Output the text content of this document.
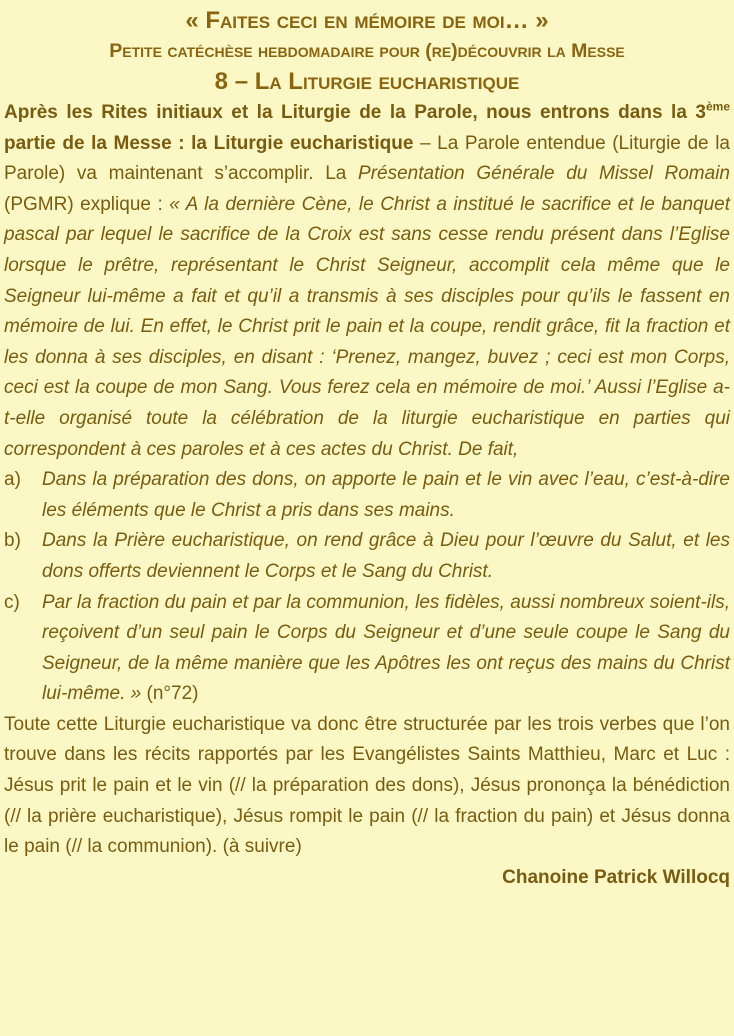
« Faites ceci en mémoire de moi… »

Petite catéchèse hebdomadaire pour (re)découvrir la Messe

8 – La Liturgie eucharistique

Après les Rites initiaux et la Liturgie de la Parole, nous entrons dans la 3ème partie de la Messe : la Liturgie eucharistique – La Parole entendue (Liturgie de la Parole) va maintenant s’accomplir. La Présentation Générale du Missel Romain (PGMR) explique : « A la dernière Cène, le Christ a institué le sacrifice et le banquet pascal par lequel le sacrifice de la Croix est sans cesse rendu présent dans l’Eglise lorsque le prêtre, représentant le Christ Seigneur, accomplit cela même que le Seigneur lui-même a fait et qu’il a transmis à ses disciples pour qu’ils le fassent en mémoire de lui. En effet, le Christ prit le pain et la coupe, rendit grâce, fit la fraction et les donna à ses disciples, en disant : ‘Prenez, mangez, buvez ; ceci est mon Corps, ceci est la coupe de mon Sang. Vous ferez cela en mémoire de moi.’ Aussi l’Eglise a-t-elle organisé toute la célébration de la liturgie eucharistique en parties qui correspondent à ces paroles et à ces actes du Christ. De fait,

a)	Dans la préparation des dons, on apporte le pain et le vin avec l’eau, c’est-à-dire les éléments que le Christ a pris dans ses mains.
b)	Dans la Prière eucharistique, on rend grâce à Dieu pour l’œuvre du Salut, et les dons offerts deviennent le Corps et le Sang du Christ.
c)	Par la fraction du pain et par la communion, les fidèles, aussi nombreux soient-ils, reçoivent d’un seul pain le Corps du Seigneur et d’une seule coupe le Sang du Seigneur, de la même manière que les Apôtres les ont reçus des mains du Christ lui-même. » (n°72)

Toute cette Liturgie eucharistique va donc être structurée par les trois verbes que l’on trouve dans les récits rapportés par les Evangélistes Saints Matthieu, Marc et Luc : Jésus prit le pain et le vin (// la préparation des dons), Jésus prononça la bénédiction (// la prière eucharistique), Jésus rompit le pain (// la fraction du pain) et Jésus donna le pain (// la communion). (à suivre)

Chanoine Patrick Willocq
